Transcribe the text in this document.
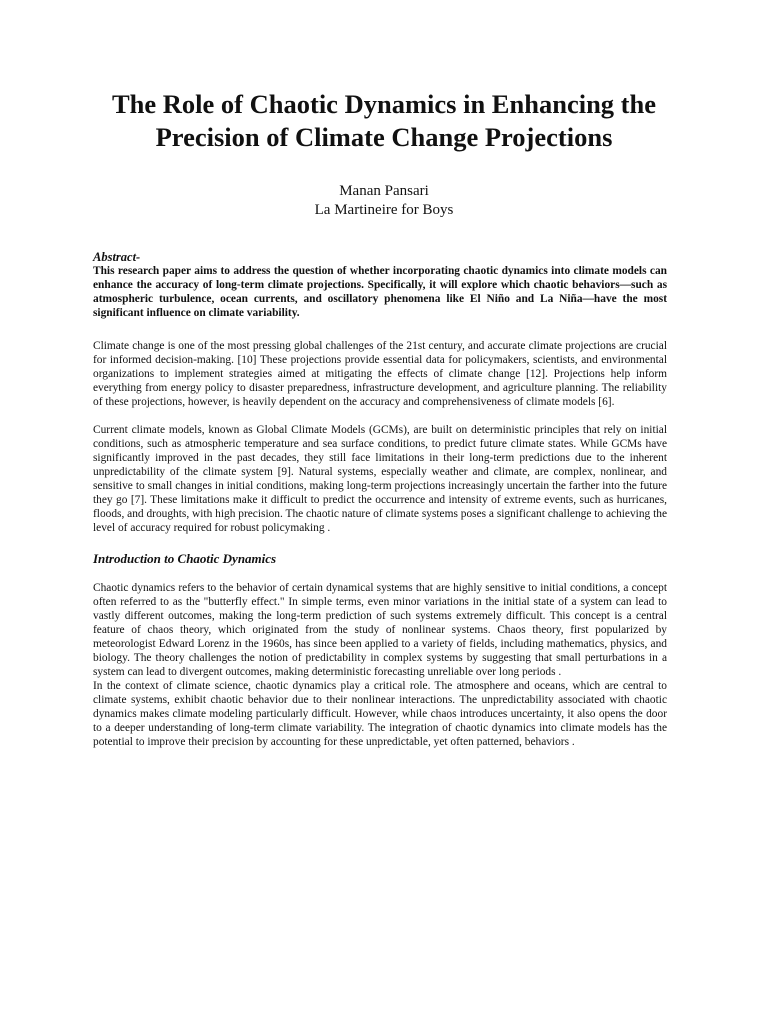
The Role of Chaotic Dynamics in Enhancing the Precision of Climate Change Projections
Manan Pansari
La Martineire for Boys

Abstract-

This research paper aims to address the question of whether incorporating chaotic dynamics into climate models can enhance the accuracy of long-term climate projections. Specifically, it will explore which chaotic behaviors—such as atmospheric turbulence, ocean currents, and oscillatory phenomena like El Niño and La Niña—have the most significant influence on climate variability.

Climate change is one of the most pressing global challenges of the 21st century, and accurate climate projections are crucial for informed decision-making. [10] These projections provide essential data for policymakers, scientists, and environmental organizations to implement strategies aimed at mitigating the effects of climate change [12]. Projections help inform everything from energy policy to disaster preparedness, infrastructure development, and agriculture planning. The reliability of these projections, however, is heavily dependent on the accuracy and comprehensiveness of climate models [6].

Current climate models, known as Global Climate Models (GCMs), are built on deterministic principles that rely on initial conditions, such as atmospheric temperature and sea surface conditions, to predict future climate states. While GCMs have significantly improved in the past decades, they still face limitations in their long-term predictions due to the inherent unpredictability of the climate system [9]. Natural systems, especially weather and climate, are complex, nonlinear, and sensitive to small changes in initial conditions, making long-term projections increasingly uncertain the farther into the future they go [7]. These limitations make it difficult to predict the occurrence and intensity of extreme events, such as hurricanes, floods, and droughts, with high precision. The chaotic nature of climate systems poses a significant challenge to achieving the level of accuracy required for robust policymaking .

Introduction to Chaotic Dynamics

Chaotic dynamics refers to the behavior of certain dynamical systems that are highly sensitive to initial conditions, a concept often referred to as the "butterfly effect." In simple terms, even minor variations in the initial state of a system can lead to vastly different outcomes, making the long-term prediction of such systems extremely difficult. This concept is a central feature of chaos theory, which originated from the study of nonlinear systems. Chaos theory, first popularized by meteorologist Edward Lorenz in the 1960s, has since been applied to a variety of fields, including mathematics, physics, and biology. The theory challenges the notion of predictability in complex systems by suggesting that small perturbations in a system can lead to divergent outcomes, making deterministic forecasting unreliable over long periods .

In the context of climate science, chaotic dynamics play a critical role. The atmosphere and oceans, which are central to climate systems, exhibit chaotic behavior due to their nonlinear interactions. The unpredictability associated with chaotic dynamics makes climate modeling particularly difficult. However, while chaos introduces uncertainty, it also opens the door to a deeper understanding of long-term climate variability. The integration of chaotic dynamics into climate models has the potential to improve their precision by accounting for these unpredictable, yet often patterned, behaviors .
